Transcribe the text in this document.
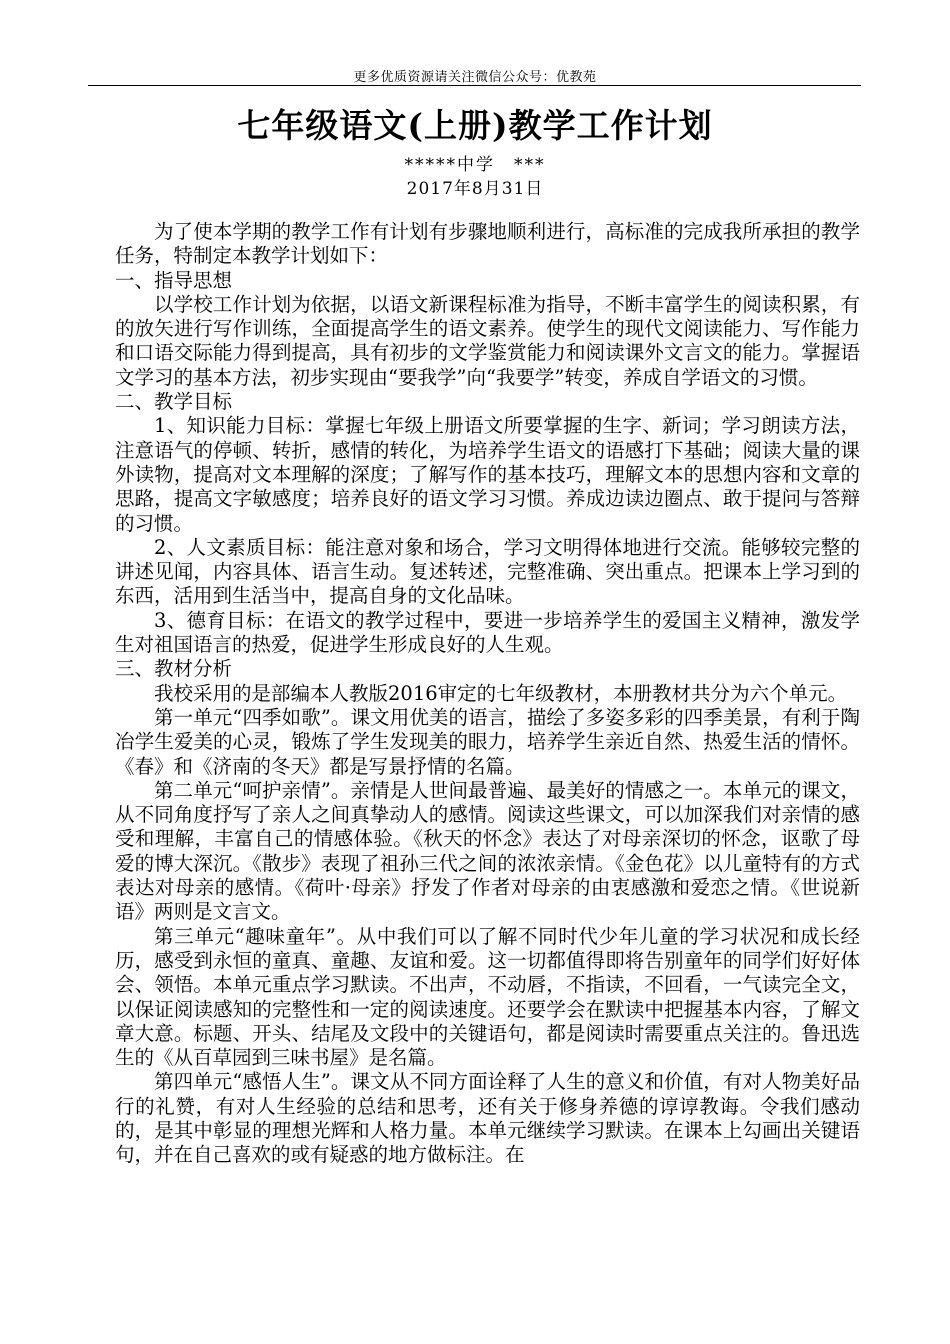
更多优质资源请关注微信公众号：优教苑
七年级语文(上册)教学工作计划
*****中学　***
2017年8月31日

为了使本学期的教学工作有计划有步骤地顺利进行，高标准的完成我所承担的教学任务，特制定本教学计划如下：

一、指导思想

以学校工作计划为依据，以语文新课程标准为指导，不断丰富学生的阅读积累，有的放矢进行写作训练，全面提高学生的语文素养。使学生的现代文阅读能力、写作能力和口语交际能力得到提高，具有初步的文学鉴赏能力和阅读课外文言文的能力。掌握语文学习的基本方法，初步实现由“要我学”向“我要学”转变，养成自学语文的习惯。

二、教学目标

1、知识能力目标：掌握七年级上册语文所要掌握的生字、新词；学习朗读方法，注意语气的停顿、转折，感情的转化，为培养学生语文的语感打下基础；阅读大量的课外读物，提高对文本理解的深度；了解写作的基本技巧，理解文本的思想内容和文章的思路，提高文字敏感度；培养良好的语文学习习惯。养成边读边圈点、敢于提问与答辩的习惯。

2、人文素质目标：能注意对象和场合，学习文明得体地进行交流。能够较完整的讲述见闻，内容具体、语言生动。复述转述，完整准确、突出重点。把课本上学习到的东西，活用到生活当中，提高自身的文化品味。

3、德育目标：在语文的教学过程中，要进一步培养学生的爱国主义精神，激发学生对祖国语言的热爱，促进学生形成良好的人生观。

三、教材分析

我校采用的是部编本人教版2016审定的七年级教材，本册教材共分为六个单元。

第一单元“四季如歌”。课文用优美的语言，描绘了多姿多彩的四季美景，有利于陶冶学生爱美的心灵，锻炼了学生发现美的眼力，培养学生亲近自然、热爱生活的情怀。《春》和《济南的冬天》都是写景抒情的名篇。

第二单元“呵护亲情”。亲情是人世间最普遍、最美好的情感之一。本单元的课文，从不同角度抒写了亲人之间真挚动人的感情。阅读这些课文，可以加深我们对亲情的感受和理解，丰富自己的情感体验。《秋天的怀念》表达了对母亲深切的怀念，讴歌了母爱的博大深沉。《散步》表现了祖孙三代之间的浓浓亲情。《金色花》以儿童特有的方式表达对母亲的感情。《荷叶·母亲》抒发了作者对母亲的由衷感激和爱恋之情。《世说新语》两则是文言文。

第三单元“趣味童年”。从中我们可以了解不同时代少年儿童的学习状况和成长经历，感受到永恒的童真、童趣、友谊和爱。这一切都值得即将告别童年的同学们好好体会、领悟。本单元重点学习默读。不出声，不动唇，不指读，不回看，一气读完全文，以保证阅读感知的完整性和一定的阅读速度。还要学会在默读中把握基本内容，了解文章大意。标题、开头、结尾及文段中的关键语句，都是阅读时需要重点关注的。鲁迅选生的《从百草园到三味书屋》是名篇。

第四单元“感悟人生”。课文从不同方面诠释了人生的意义和价值，有对人物美好品行的礼赞，有对人生经验的总结和思考，还有关于修身养德的谆谆教诲。令我们感动的，是其中彰显的理想光辉和人格力量。本单元继续学习默读。在课本上勾画出关键语句，并在自己喜欢的或有疑惑的地方做标注。在
